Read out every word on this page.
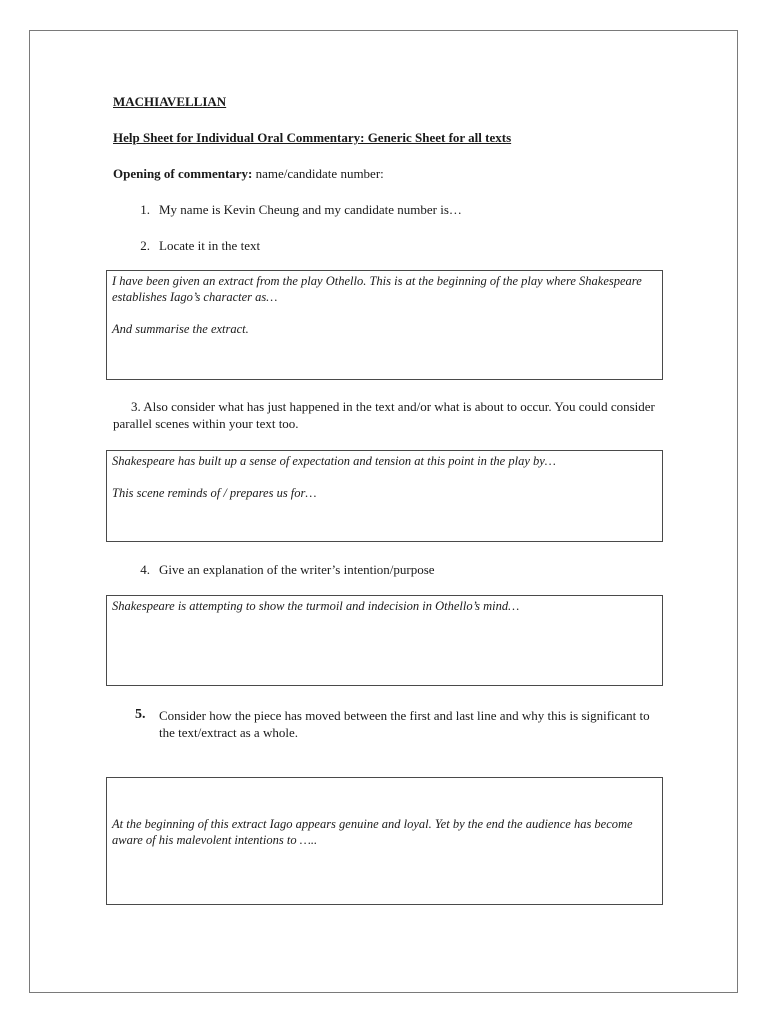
MACHIAVELLIAN

Help Sheet for Individual Oral Commentary: Generic Sheet for all texts

Opening of commentary: name/candidate number:

1. My name is Kevin Cheung and my candidate number is…

2. Locate it in the text

I have been given an extract from the play Othello. This is at the beginning of the play where Shakespeare establishes Iago’s character as…

And summarise the extract.

3. Also consider what has just happened in the text and/or what is about to occur. You could consider parallel scenes within your text too.

Shakespeare has built up a sense of expectation and tension at this point in the play by…

This scene reminds of / prepares us for…

4. Give an explanation of the writer’s intention/purpose

Shakespeare is attempting to show the turmoil and indecision in Othello’s mind…

5. Consider how the piece has moved between the first and last line and why this is significant to the text/extract as a whole.

At the beginning of this extract Iago appears genuine and loyal. Yet by the end the audience has become aware of his malevolent intentions to …..
